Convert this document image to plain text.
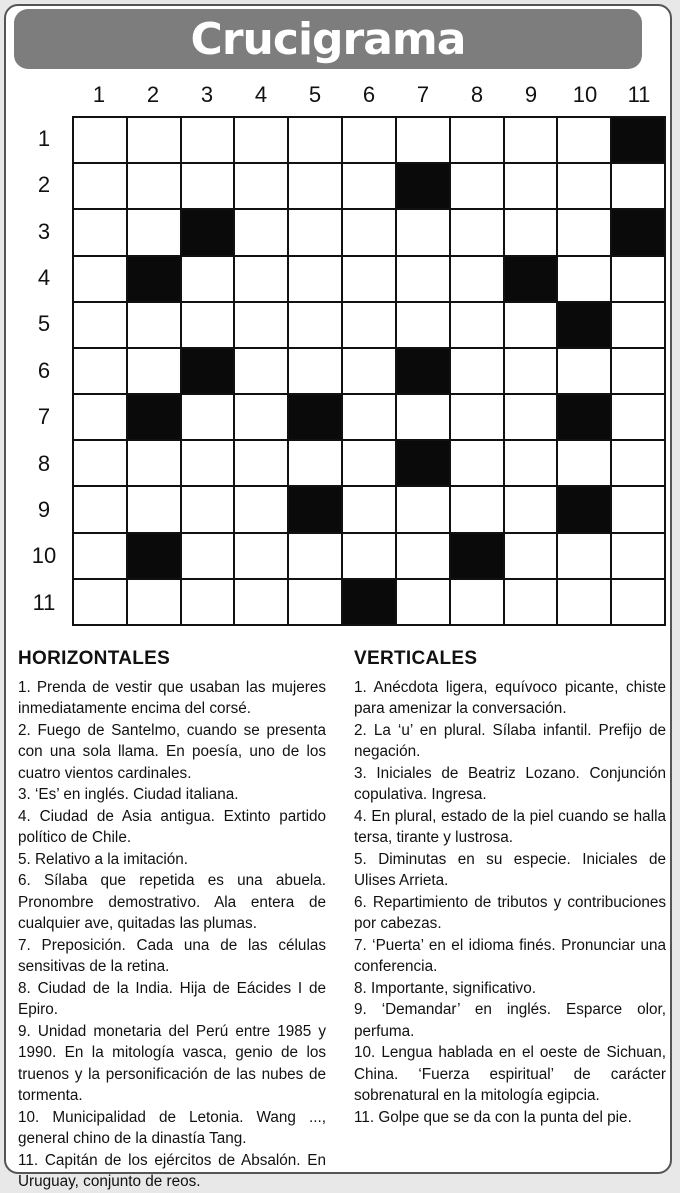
Crucigrama
1	2	3	4	5	6	7	8	9	10	11
1
2
3
4
5
6
7
8
9
10
11
HORIZONTALES
1. Prenda de vestir que usaban las mujeres inmediatamente encima del corsé.
2. Fuego de Santelmo, cuando se presenta con una sola llama. En poesía, uno de los cuatro vientos cardinales.
3. ‘Es’ en inglés. Ciudad italiana.
4. Ciudad de Asia antigua. Extinto partido político de Chile.
5. Relativo a la imitación.
6. Sílaba que repetida es una abuela. Pronombre demostrativo. Ala entera de cualquier ave, quitadas las plumas.
7. Preposición. Cada una de las células sensitivas de la retina.
8. Ciudad de la India. Hija de Eácides I de Epiro.
9. Unidad monetaria del Perú entre 1985 y 1990. En la mitología vasca, genio de los truenos y la personificación de las nubes de tormenta.
10. Municipalidad de Letonia. Wang ..., general chino de la dinastía Tang.
11. Capitán de los ejércitos de Absalón. En Uruguay, conjunto de reos.
VERTICALES
1. Anécdota ligera, equívoco picante, chiste para amenizar la conversación.
2. La ‘u’ en plural. Sílaba infantil. Prefijo de negación.
3. Iniciales de Beatriz Lozano. Conjunción copulativa. Ingresa.
4. En plural, estado de la piel cuando se halla tersa, tirante y lustrosa.
5. Diminutas en su especie. Iniciales de Ulises Arrieta.
6. Repartimiento de tributos y contribuciones por cabezas.
7. ‘Puerta’ en el idioma finés. Pronunciar una conferencia.
8. Importante, significativo.
9. ‘Demandar’ en inglés. Esparce olor, perfuma.
10. Lengua hablada en el oeste de Sichuan, China. ‘Fuerza espiritual’ de carácter sobrenatural en la mitología egipcia.
11. Golpe que se da con la punta del pie.
